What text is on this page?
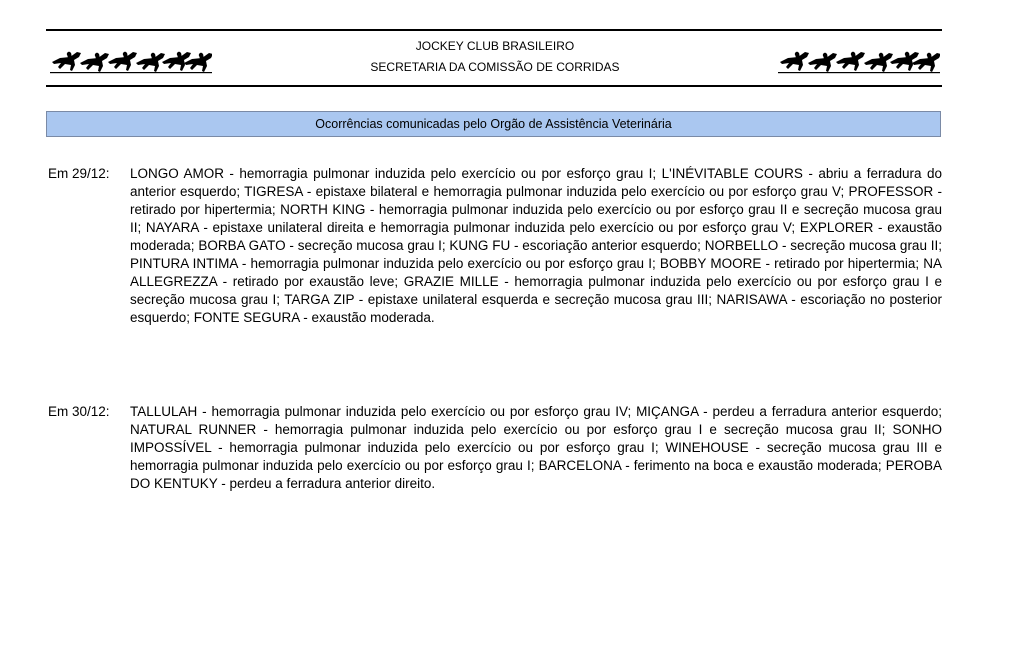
JOCKEY CLUB BRASILEIRO
SECRETARIA DA COMISSÃO DE CORRIDAS
Ocorrências comunicadas pelo Orgão de Assistência Veterinária
Em 29/12: LONGO AMOR - hemorragia pulmonar induzida pelo exercício ou por esforço grau I; L'INÉVITABLE COURS - abriu a ferradura do anterior esquerdo; TIGRESA - epistaxe bilateral e hemorragia pulmonar induzida pelo exercício ou por esforço grau V; PROFESSOR - retirado por hipertermia; NORTH KING - hemorragia pulmonar induzida pelo exercício ou por esforço grau II e secreção mucosa grau II; NAYARA - epistaxe unilateral direita e hemorragia pulmonar induzida pelo exercício ou por esforço grau V; EXPLORER - exaustão moderada; BORBA GATO - secreção mucosa grau I; KUNG FU - escoriação anterior esquerdo; NORBELLO - secreção mucosa grau II; PINTURA INTIMA - hemorragia pulmonar induzida pelo exercício ou por esforço grau I; BOBBY MOORE - retirado por hipertermia; NA ALLEGREZZA - retirado por exaustão leve; GRAZIE MILLE - hemorragia pulmonar induzida pelo exercício ou por esforço grau I e secreção mucosa grau I; TARGA ZIP - epistaxe unilateral esquerda e secreção mucosa grau III; NARISAWA - escoriação no posterior esquerdo; FONTE SEGURA - exaustão moderada.
Em 30/12: TALLULAH - hemorragia pulmonar induzida pelo exercício ou por esforço grau IV; MIÇANGA - perdeu a ferradura anterior esquerdo; NATURAL RUNNER - hemorragia pulmonar induzida pelo exercício ou por esforço grau I e secreção mucosa grau II; SONHO IMPOSSÍVEL - hemorragia pulmonar induzida pelo exercício ou por esforço grau I; WINEHOUSE - secreção mucosa grau III e hemorragia pulmonar induzida pelo exercício ou por esforço grau I; BARCELONA - ferimento na boca e exaustão moderada; PEROBA DO KENTUKY - perdeu a ferradura anterior direito.
